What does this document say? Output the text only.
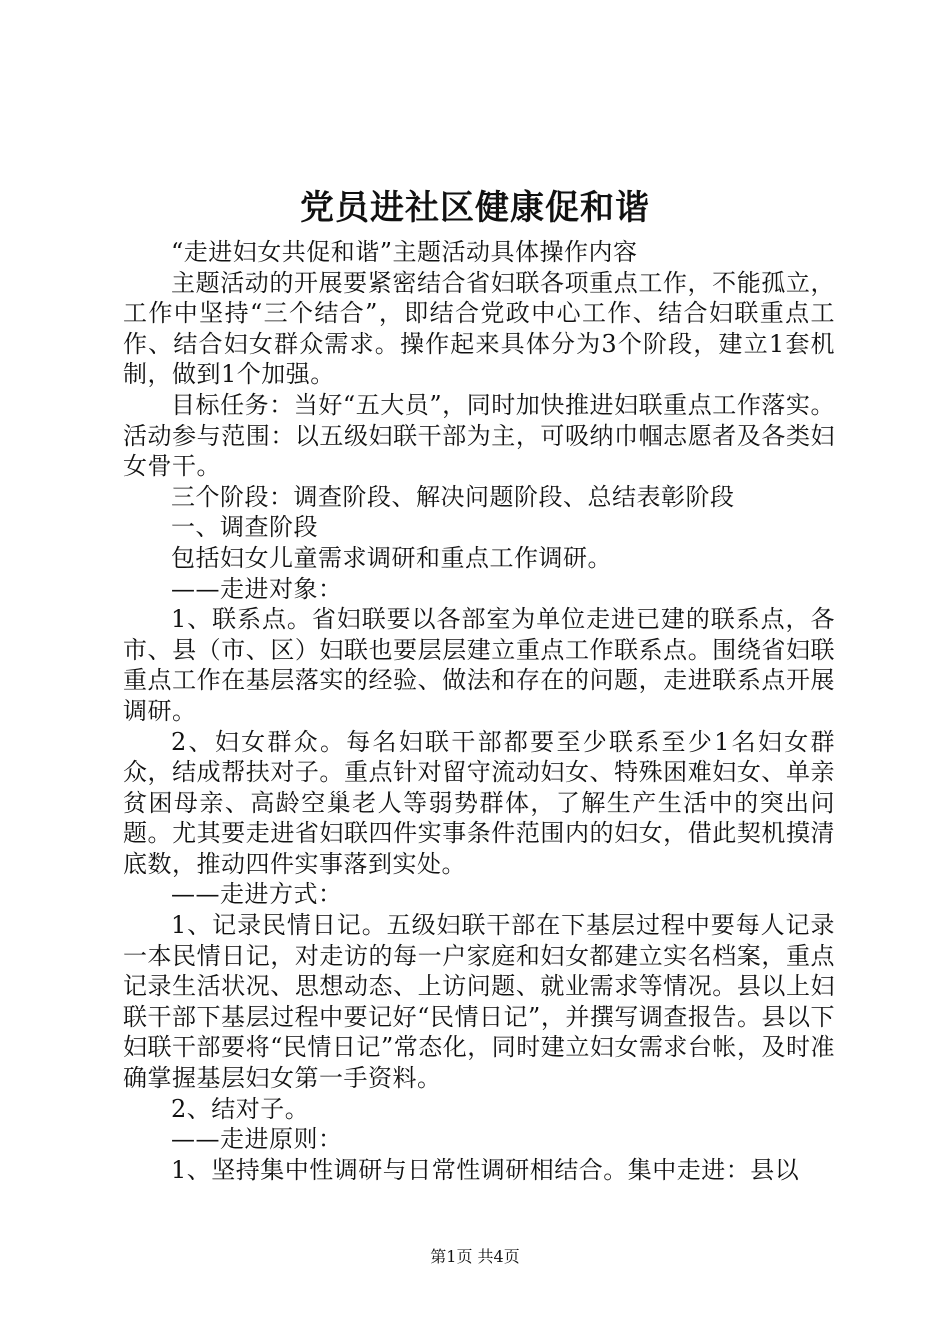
党员进社区健康促和谐

“走进妇女共促和谐”主题活动具体操作内容

主题活动的开展要紧密结合省妇联各项重点工作，不能孤立，工作中坚持“三个结合”，即结合党政中心工作、结合妇联重点工作、结合妇女群众需求。操作起来具体分为3个阶段，建立1套机制，做到1个加强。

目标任务：当好“五大员”，同时加快推进妇联重点工作落实。活动参与范围：以五级妇联干部为主，可吸纳巾帼志愿者及各类妇女骨干。

三个阶段：调查阶段、解决问题阶段、总结表彰阶段

一、调查阶段

包括妇女儿童需求调研和重点工作调研。

——走进对象：

1、联系点。省妇联要以各部室为单位走进已建的联系点，各市、县（市、区）妇联也要层层建立重点工作联系点。围绕省妇联重点工作在基层落实的经验、做法和存在的问题，走进联系点开展调研。

2、妇女群众。每名妇联干部都要至少联系至少1名妇女群众，结成帮扶对子。重点针对留守流动妇女、特殊困难妇女、单亲贫困母亲、高龄空巢老人等弱势群体，了解生产生活中的突出问题。尤其要走进省妇联四件实事条件范围内的妇女，借此契机摸清底数，推动四件实事落到实处。

——走进方式：

1、记录民情日记。五级妇联干部在下基层过程中要每人记录一本民情日记，对走访的每一户家庭和妇女都建立实名档案，重点记录生活状况、思想动态、上访问题、就业需求等情况。县以上妇联干部下基层过程中要记好“民情日记”，并撰写调查报告。县以下妇联干部要将“民情日记”常态化，同时建立妇女需求台帐，及时准确掌握基层妇女第一手资料。

2、结对子。

——走进原则：

1、坚持集中性调研与日常性调研相结合。集中走进：县以

第1页 共4页
